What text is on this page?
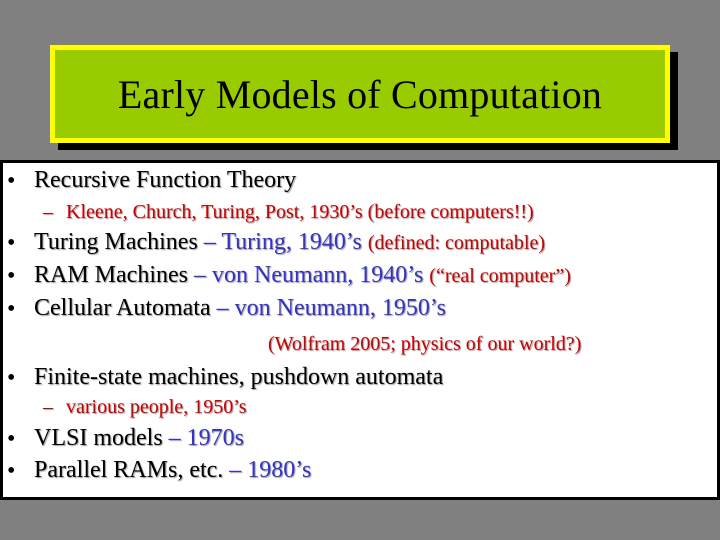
Early Models of Computation
• Recursive Function Theory
– Kleene, Church, Turing, Post, 1930’s (before computers!!)
• Turing Machines – Turing, 1940’s (defined: computable)
• RAM Machines – von Neumann, 1940’s (“real computer”)
• Cellular Automata – von Neumann, 1950’s
(Wolfram 2005; physics of our world?)
• Finite-state machines, pushdown automata
– various people, 1950’s
• VLSI models – 1970s
• Parallel RAMs, etc. – 1980’s
